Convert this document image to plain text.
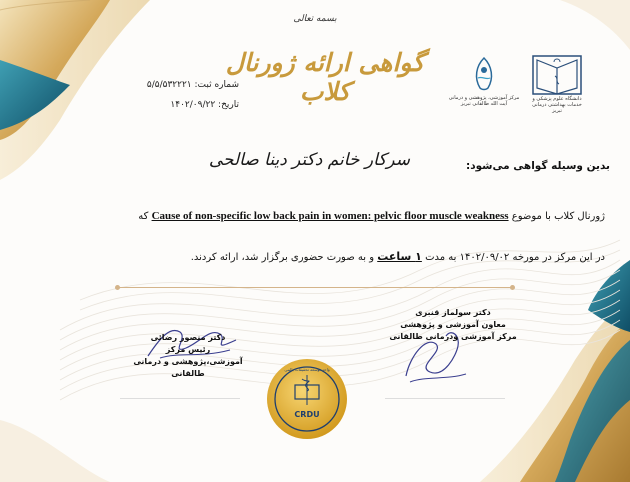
بسمه تعالی
گواهی ارائه ژورنال کلاب
شماره ثبت: ۵/۵/۵۳۲۲۲۱
تاریخ: ۱۴۰۲/۰۹/۲۲
دانشگاه علوم پزشکی و خدمات بهداشتی درمانی تبریز
مرکز آموزشی، پژوهشی و درمانی آیت الله طالقانی تبریز
بدین وسیله گواهی می‌شود:
سرکار خانم دکتر دینا صالحی
ژورنال کلاب با موضوع Cause of non-specific low back pain in women: pelvic floor muscle weakness که
در این مرکز در مورخه ۱۴۰۲/۰۹/۰۲ به مدت ۱ ساعت و به صورت حضوری برگزار شد، ارائه کردند.
دکتر منصور رضائی
رئیس مرکز
آموزشی،پژوهشی و درمانی طالقانی
دکتر سولماز قنبری
معاون آموزشی و پژوهشی
مرکز آموزشی ودرمانی طالقانی
CRDU
واحد توسعه تحقیقات بالینی
